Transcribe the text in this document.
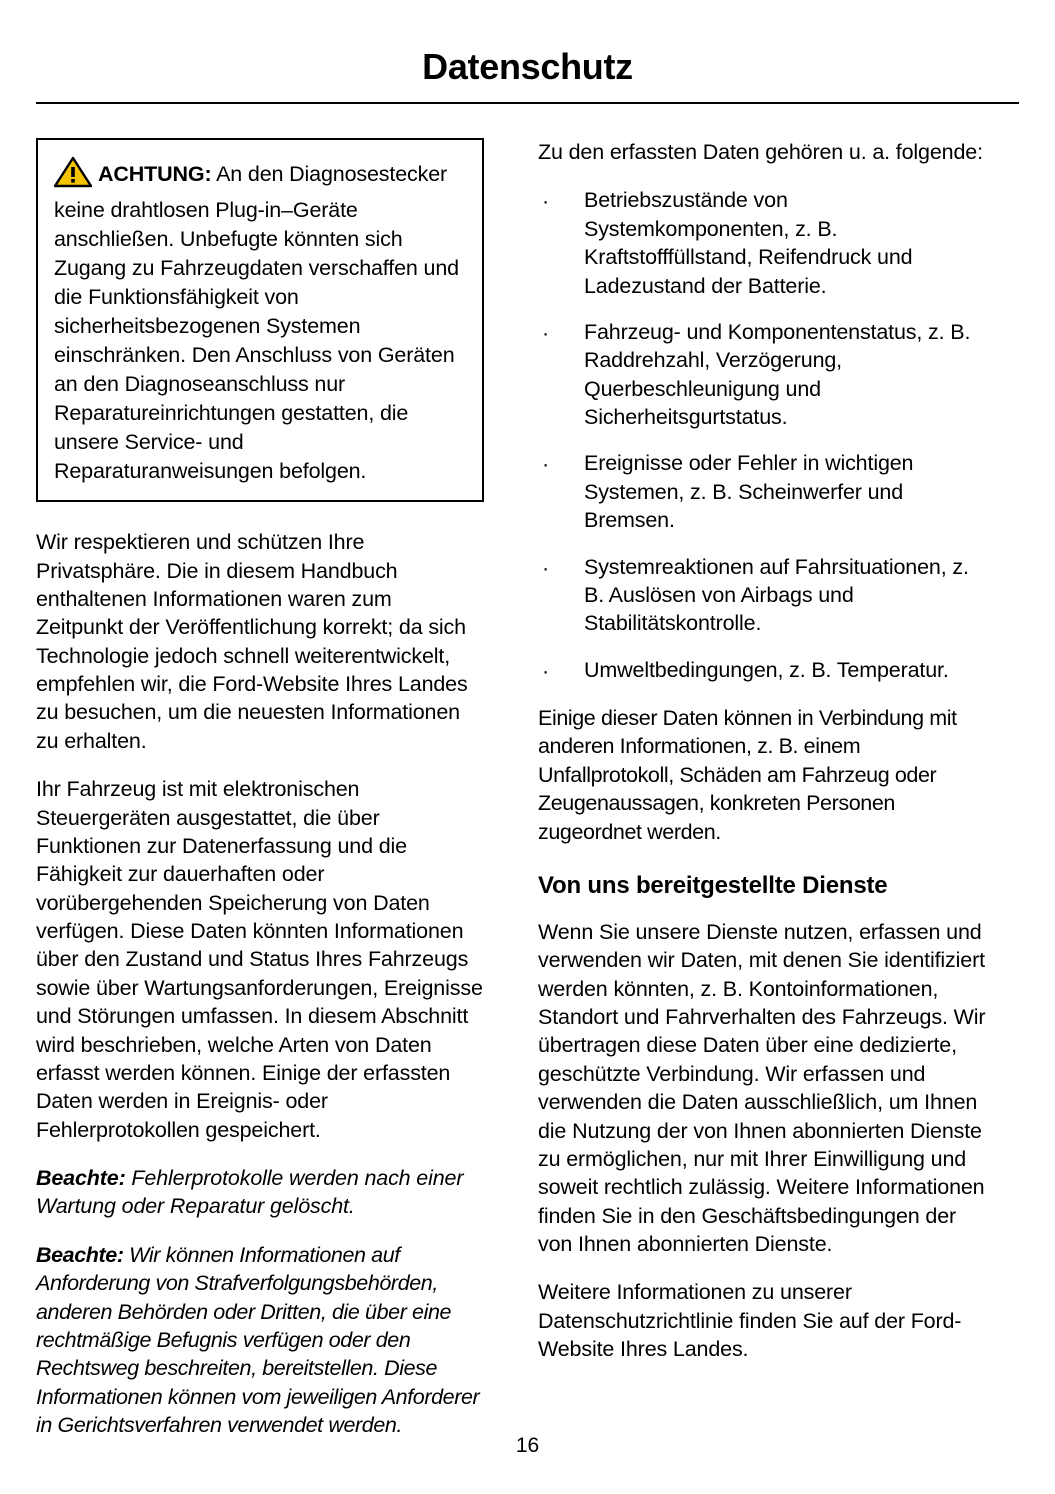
Datenschutz

ACHTUNG: An den Diagnosestecker keine drahtlosen Plug-in–Geräte anschließen. Unbefugte könnten sich Zugang zu Fahrzeugdaten verschaffen und die Funktionsfähigkeit von sicherheitsbezogenen Systemen einschränken. Den Anschluss von Geräten an den Diagnoseanschluss nur Reparatureinrichtungen gestatten, die unsere Service- und Reparaturanweisungen befolgen.

Wir respektieren und schützen Ihre Privatsphäre. Die in diesem Handbuch enthaltenen Informationen waren zum Zeitpunkt der Veröffentlichung korrekt; da sich Technologie jedoch schnell weiterentwickelt, empfehlen wir, die Ford-Website Ihres Landes zu besuchen, um die neuesten Informationen zu erhalten.

Ihr Fahrzeug ist mit elektronischen Steuergeräten ausgestattet, die über Funktionen zur Datenerfassung und die Fähigkeit zur dauerhaften oder vorübergehenden Speicherung von Daten verfügen. Diese Daten könnten Informationen über den Zustand und Status Ihres Fahrzeugs sowie über Wartungsanforderungen, Ereignisse und Störungen umfassen. In diesem Abschnitt wird beschrieben, welche Arten von Daten erfasst werden können. Einige der erfassten Daten werden in Ereignis- oder Fehlerprotokollen gespeichert.

Beachte: Fehlerprotokolle werden nach einer Wartung oder Reparatur gelöscht.

Beachte: Wir können Informationen auf Anforderung von Strafverfolgungsbehörden, anderen Behörden oder Dritten, die über eine rechtmäßige Befugnis verfügen oder den Rechtsweg beschreiten, bereitstellen. Diese Informationen können vom jeweiligen Anforderer in Gerichtsverfahren verwendet werden.

Zu den erfassten Daten gehören u. a. folgende:

· Betriebszustände von Systemkomponenten, z. B. Kraftstofffüllstand, Reifendruck und Ladezustand der Batterie.
· Fahrzeug- und Komponentenstatus, z. B. Raddrehzahl, Verzögerung, Querbeschleunigung und Sicherheitsgurtstatus.
· Ereignisse oder Fehler in wichtigen Systemen, z. B. Scheinwerfer und Bremsen.
· Systemreaktionen auf Fahrsituationen, z. B. Auslösen von Airbags und Stabilitätskontrolle.
· Umweltbedingungen, z. B. Temperatur.

Einige dieser Daten können in Verbindung mit anderen Informationen, z. B. einem Unfallprotokoll, Schäden am Fahrzeug oder Zeugenaussagen, konkreten Personen zugeordnet werden.

Von uns bereitgestellte Dienste

Wenn Sie unsere Dienste nutzen, erfassen und verwenden wir Daten, mit denen Sie identifiziert werden könnten, z. B. Kontoinformationen, Standort und Fahrverhalten des Fahrzeugs. Wir übertragen diese Daten über eine dedizierte, geschützte Verbindung. Wir erfassen und verwenden die Daten ausschließlich, um Ihnen die Nutzung der von Ihnen abonnierten Dienste zu ermöglichen, nur mit Ihrer Einwilligung und soweit rechtlich zulässig. Weitere Informationen finden Sie in den Geschäftsbedingungen der von Ihnen abonnierten Dienste.

Weitere Informationen zu unserer Datenschutzrichtlinie finden Sie auf der Ford-Website Ihres Landes.

16
